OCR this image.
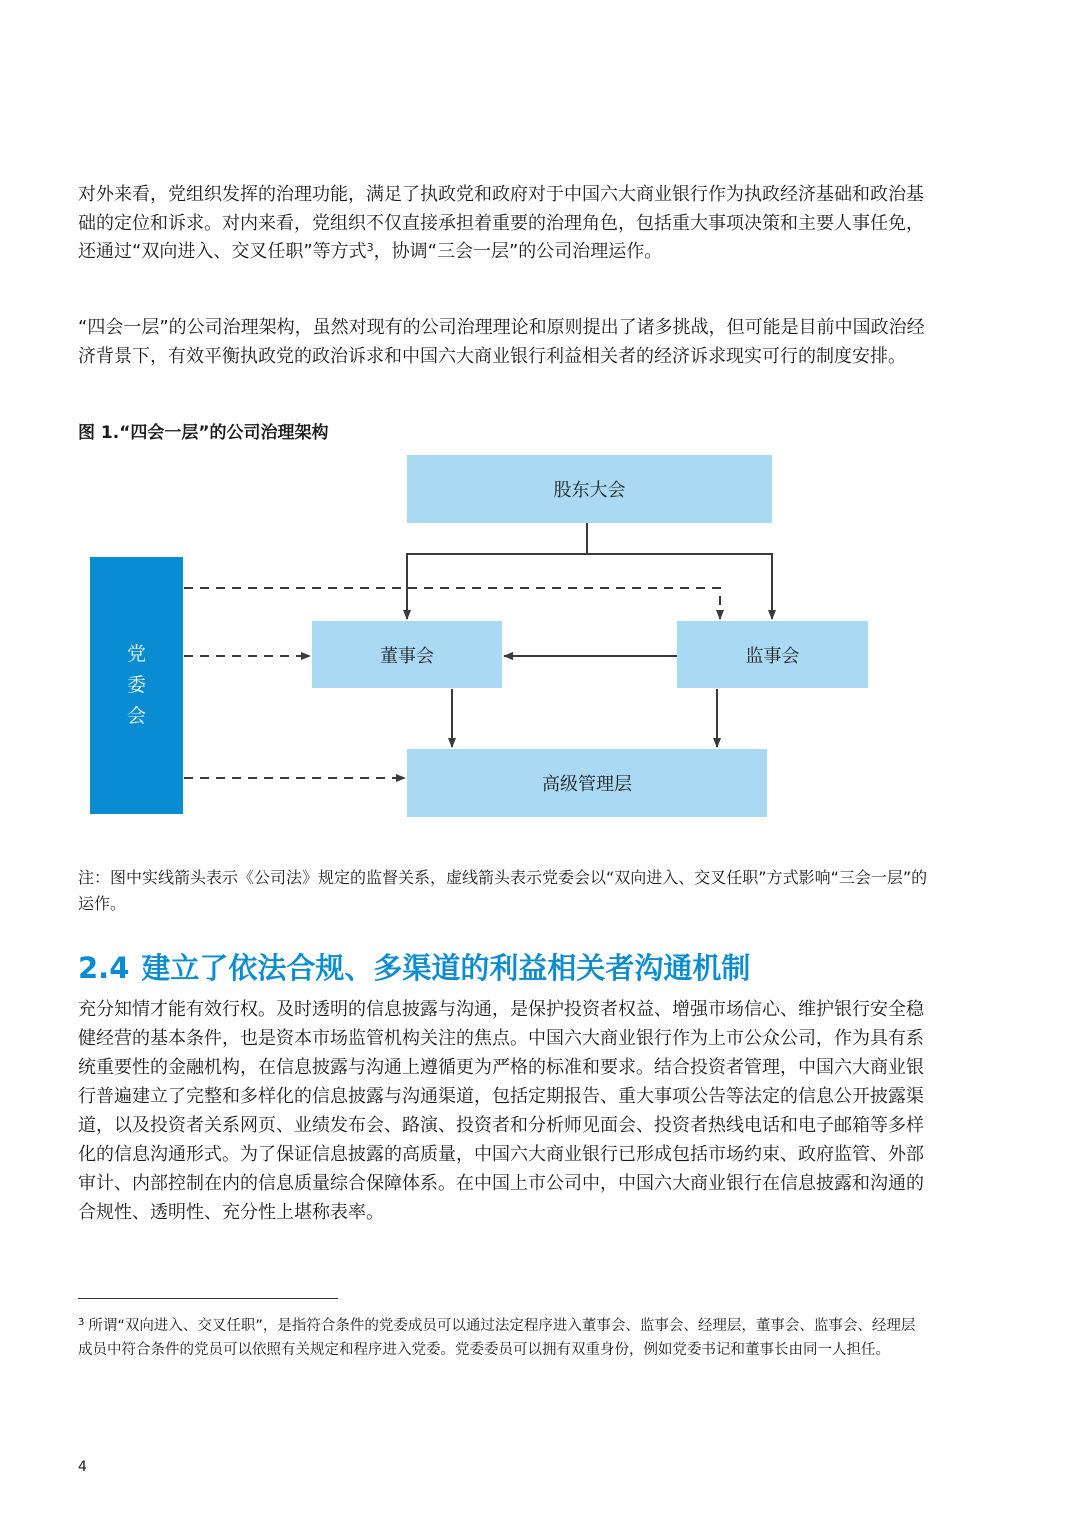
对外来看，党组织发挥的治理功能，满足了执政党和政府对于中国六大商业银行作为执政经济基础和政治基础的定位和诉求。对内来看，党组织不仅直接承担着重要的治理角色，包括重大事项决策和主要人事任免，还通过“双向进入、交叉任职”等方式$^3$，协调“三会一层”的公司治理运作。

“四会一层”的公司治理架构，虽然对现有的公司治理理论和原则提出了诸多挑战，但可能是目前中国政治经济背景下，有效平衡执政党的政治诉求和中国六大商业银行利益相关者的经济诉求现实可行的制度安排。

图 1.“四会一层”的公司治理架构
股东大会
董事会	监事会
高级管理层
党委会
注：图中实线箭头表示《公司法》规定的监督关系，虚线箭头表示党委会以“双向进入、交叉任职”方式影响“三会一层”的运作。
2.4 建立了依法合规、多渠道的利益相关者沟通机制

充分知情才能有效行权。及时透明的信息披露与沟通，是保护投资者权益、增强市场信心、维护银行安全稳健经营的基本条件，也是资本市场监管机构关注的焦点。中国六大商业银行作为上市公众公司，作为具有系统重要性的金融机构，在信息披露与沟通上遵循更为严格的标准和要求。结合投资者管理，中国六大商业银行普遍建立了完整和多样化的信息披露与沟通渠道，包括定期报告、重大事项公告等法定的信息公开披露渠道，以及投资者关系网页、业绩发布会、路演、投资者和分析师见面会、投资者热线电话和电子邮箱等多样化的信息沟通形式。为了保证信息披露的高质量，中国六大商业银行已形成包括市场约束、政府监管、外部审计、内部控制在内的信息质量综合保障体系。在中国上市公司中，中国六大商业银行在信息披露和沟通的合规性、透明性、充分性上堪称表率。

$^3$ 所谓“双向进入、交叉任职”，是指符合条件的党委成员可以通过法定程序进入董事会、监事会、经理层，董事会、监事会、经理层成员中符合条件的党员可以依照有关规定和程序进入党委。党委委员可以拥有双重身份，例如党委书记和董事长由同一人担任。
4
